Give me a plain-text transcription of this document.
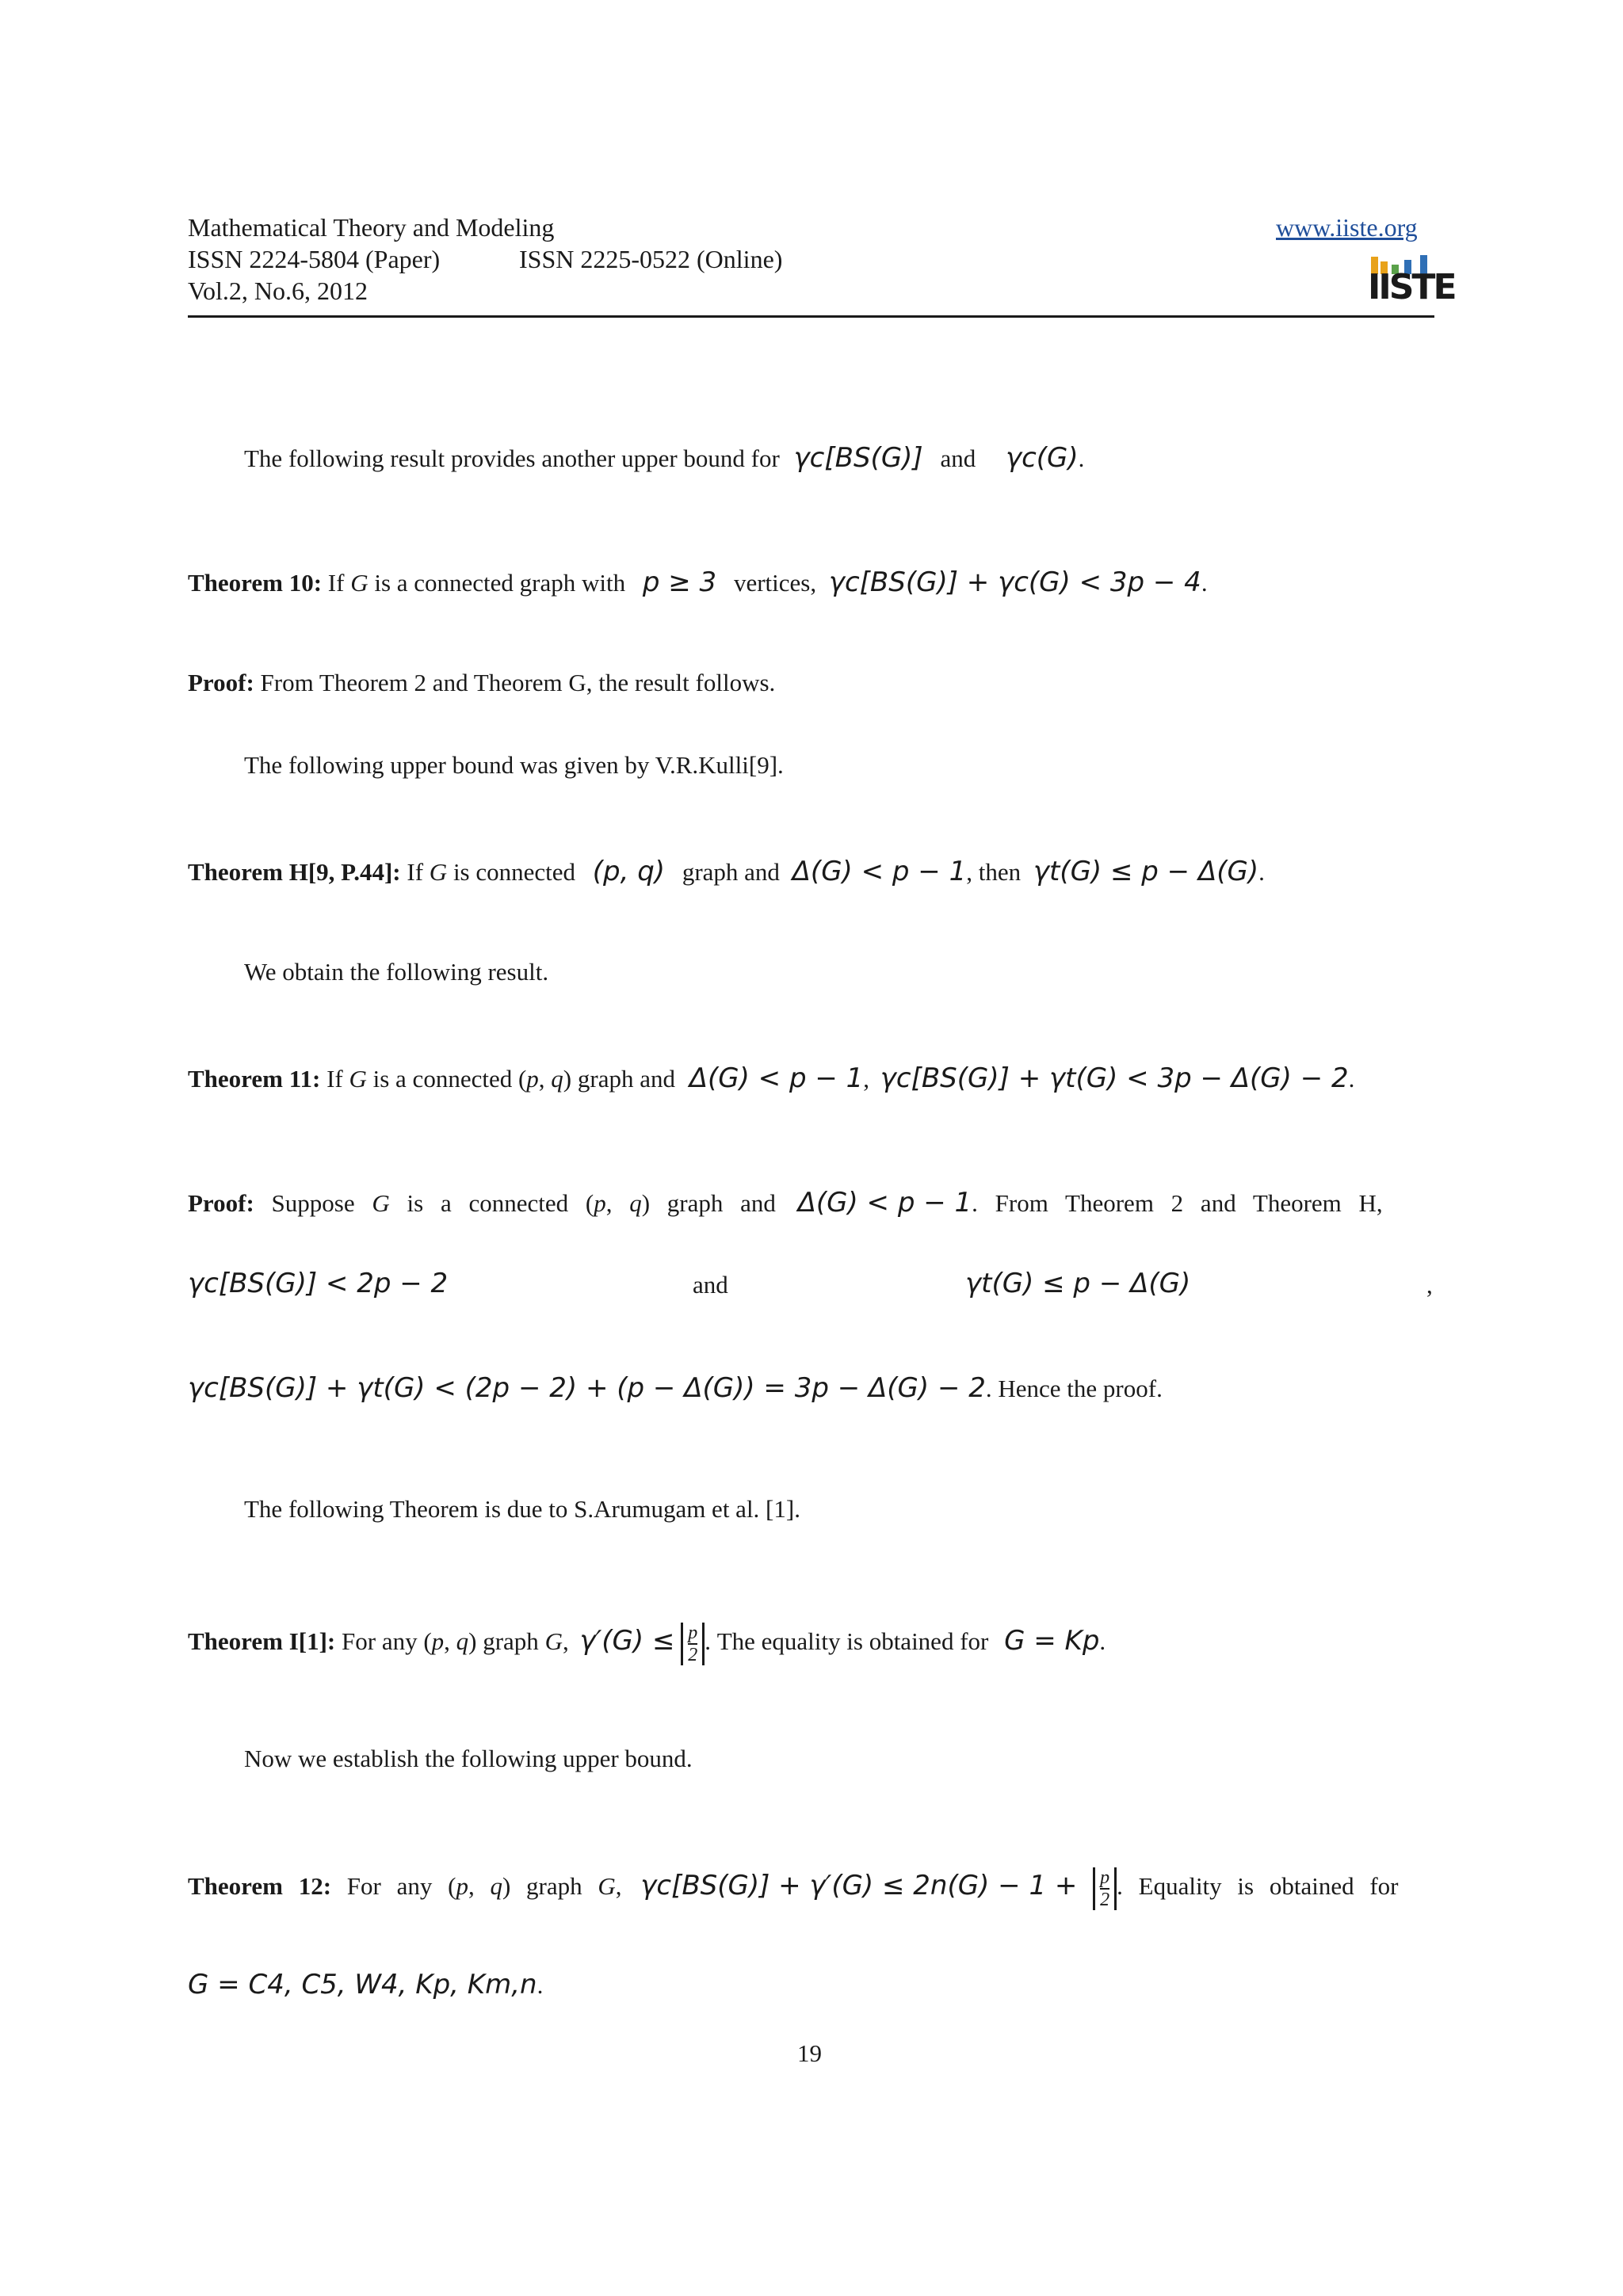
Mathematical Theory and Modeling
ISSN 2224-5804 (Paper)	ISSN 2225-0522 (Online)
Vol.2, No.6, 2012
www.iiste.org
IISTE
The following result provides another upper bound for γc[BS(G)] and γc(G).
Theorem 10: If G is a connected graph with p ≥ 3 vertices, γc[BS(G)] + γc(G) < 3p − 4.
Proof: From Theorem 2 and Theorem G, the result follows.
The following upper bound was given by V.R.Kulli[9].
Theorem H[9, P.44]: If G is connected (p, q) graph and Δ(G) < p − 1, then γt(G) ≤ p − Δ(G).
We obtain the following result.
Theorem 11: If G is a connected (p, q) graph and Δ(G) < p − 1, γc[BS(G)] + γt(G) < 3p − Δ(G) − 2.
Proof: Suppose G is a connected (p, q) graph and Δ(G) < p − 1. From Theorem 2 and Theorem H,
γc[BS(G)] < 2p − 2	and	γt(G) ≤ p − Δ(G)	,
γc[BS(G)] + γt(G) < (2p − 2) + (p − Δ(G)) = 3p − Δ(G) − 2. Hence the proof.
The following Theorem is due to S.Arumugam et al. [1].
Theorem I[1]: For any (p, q) graph G, $\gamma'(G) \le \frac{p}{2}$. The equality is obtained for G = Kp.
Now we establish the following upper bound.
Theorem 12: For any (p, q) graph G, $\gamma c[BS(G)] + \gamma'(G) \le 2n(G) - 1 + \frac{p}{2}$. Equality is obtained for
G = C4, C5, W4, Kp, Km,n.
19
